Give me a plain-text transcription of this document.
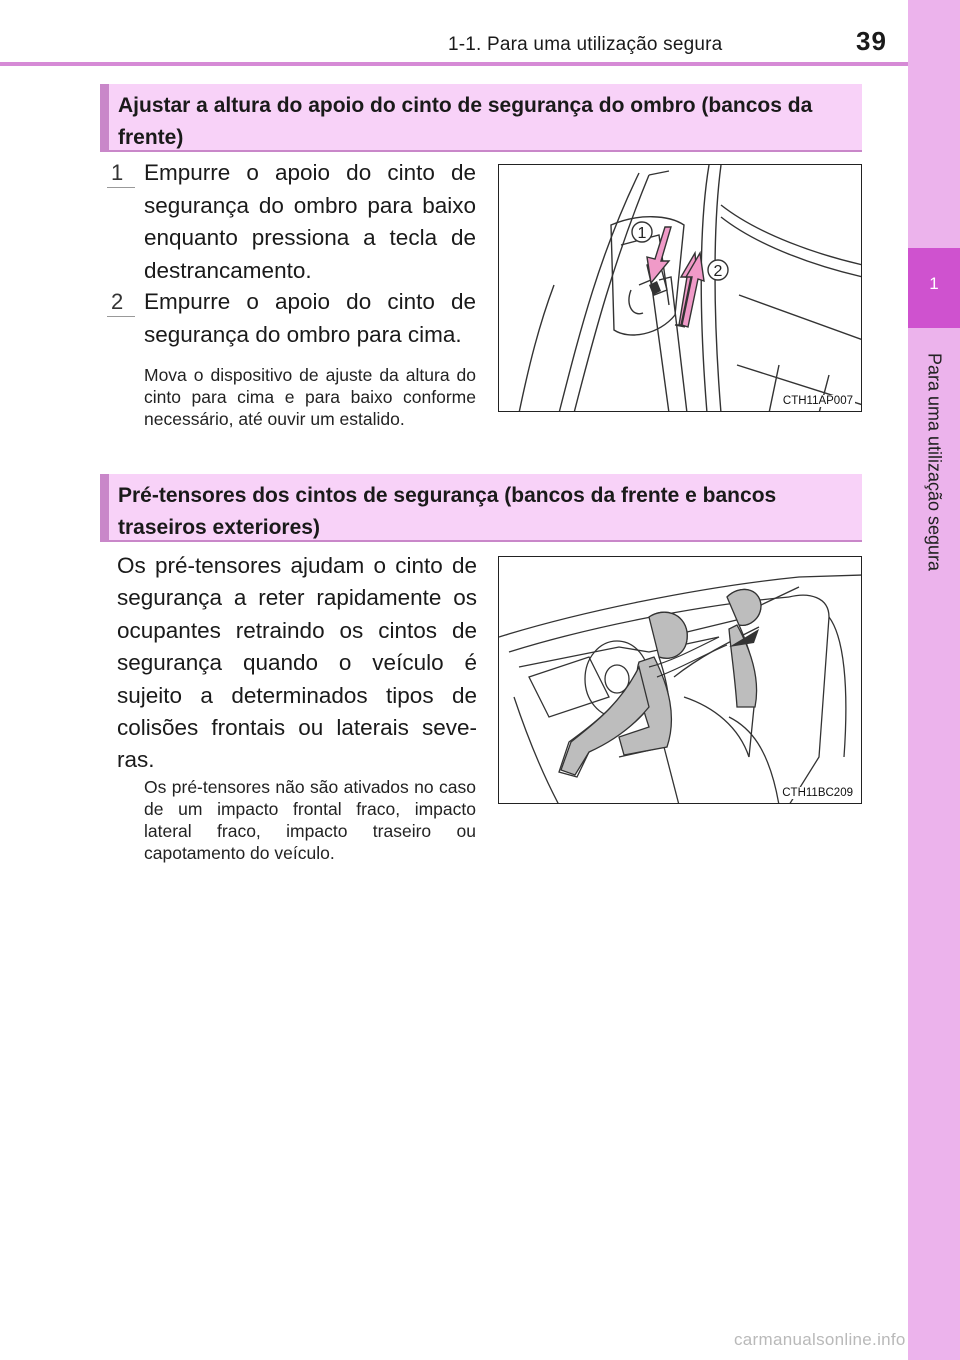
1-1. Para uma utilização segura	39
1
Para uma utilização segura
Ajustar a altura do apoio do cinto de segurança do ombro (bancos da frente)
1 Empurre o apoio do cinto de segurança do ombro para baixo enquanto pressiona a tecla de destrancamento.
2 Empurre o apoio do cinto de segurança do ombro para cima.
Mova o dispositivo de ajuste da altura do cinto para cima e para baixo conforme necessário, até ouvir um estalido.
1
2
CTH11AP007
Pré-tensores dos cintos de segurança (bancos da frente e bancos traseiros exteriores)
Os pré-tensores ajudam o cinto de segurança a reter rapidamente os ocupantes retraindo os cintos de segurança quando o veículo é sujeito a determinados tipos de colisões frontais ou laterais seve-ras.
Os pré-tensores não são ativados no caso de um impacto frontal fraco, impacto lateral fraco, impacto traseiro ou capotamento do veículo.
CTH11BC209
carmanualsonline.info
